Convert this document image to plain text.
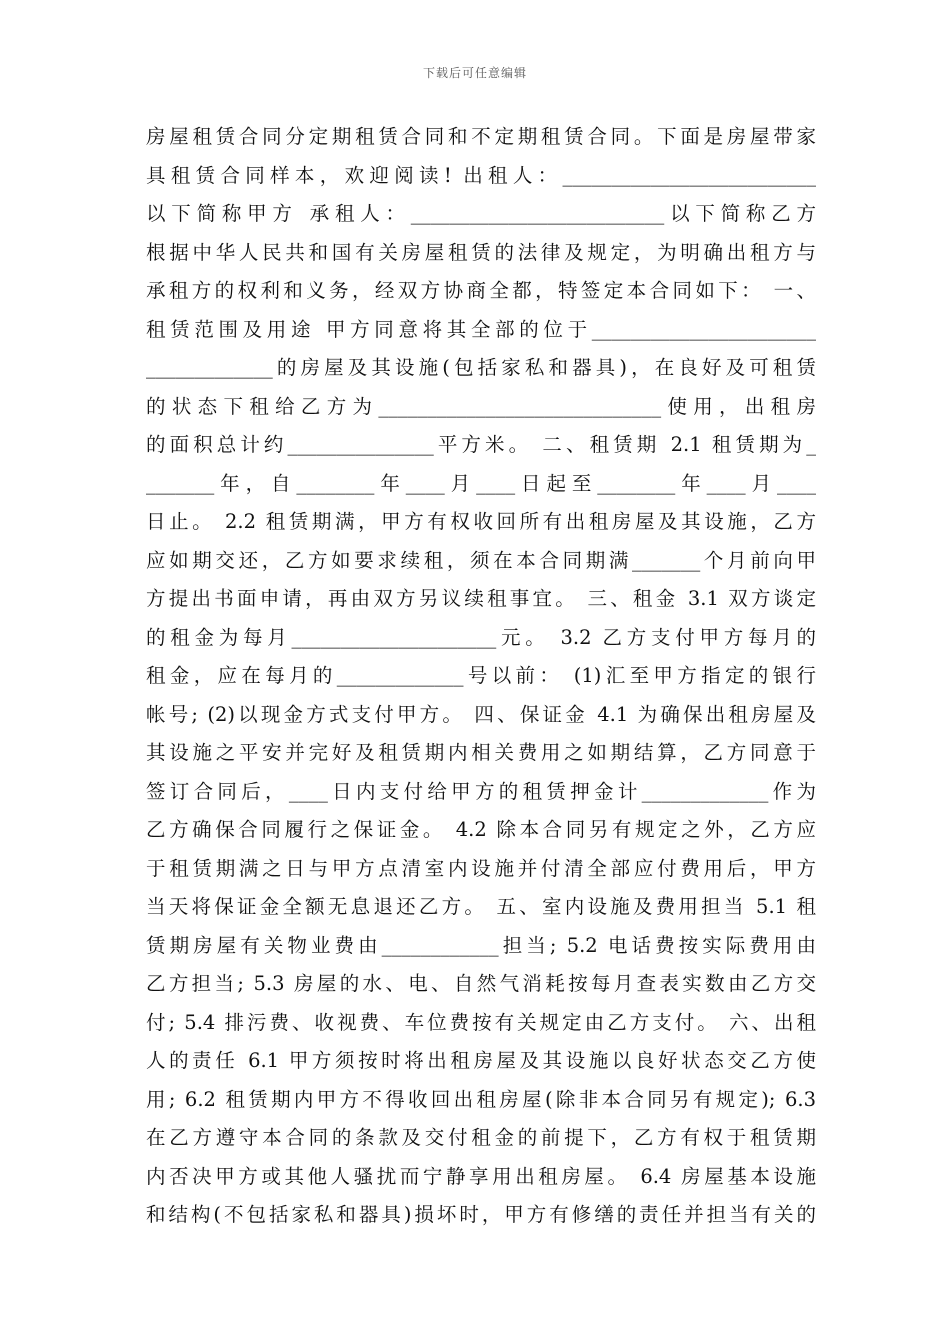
下载后可任意编辑
房屋租赁合同分定期租赁合同和不定期租赁合同。下面是房屋带家
具租赁合同样本，欢迎阅读! 出租人：__________________________
以下简称甲方 承租人：__________________________以下简称乙方
根据中华人民共和国有关房屋租赁的法律及规定，为明确出租方与
承租方的权利和义务，经双方协商全都，特签定本合同如下： 一、
租赁范围及用途 甲方同意将其全部的位于_______________________
_____________的房屋及其设施(包括家私和器具)，在良好及可租赁
的状态下租给乙方为_____________________________使用，出租房
的面积总计约_______________平方米。 二、租赁期 2.1 租赁期为_
_______年，自________年____月____日起至________年____月____
日止。 2.2 租赁期满，甲方有权收回所有出租房屋及其设施，乙方
应如期交还，乙方如要求续租，须在本合同期满_______个月前向甲
方提出书面申请，再由双方另议续租事宜。 三、租金 3.1 双方谈定
的租金为每月_____________________元。 3.2 乙方支付甲方每月的
租金，应在每月的_____________号以前： (1)汇至甲方指定的银行
帐号; (2)以现金方式支付甲方。 四、保证金 4.1 为确保出租房屋及
其设施之平安并完好及租赁期内相关费用之如期结算，乙方同意于
签订合同后，____日内支付给甲方的租赁押金计_____________作为
乙方确保合同履行之保证金。 4.2 除本合同另有规定之外，乙方应
于租赁期满之日与甲方点清室内设施并付清全部应付费用后，甲方
当天将保证金全额无息退还乙方。 五、室内设施及费用担当 5.1 租
赁期房屋有关物业费由____________担当; 5.2 电话费按实际费用由
乙方担当; 5.3 房屋的水、电、自然气消耗按每月查表实数由乙方交
付; 5.4 排污费、收视费、车位费按有关规定由乙方支付。 六、出租
人的责任 6.1 甲方须按时将出租房屋及其设施以良好状态交乙方使
用; 6.2 租赁期内甲方不得收回出租房屋(除非本合同另有规定); 6.3
在乙方遵守本合同的条款及交付租金的前提下，乙方有权于租赁期
内否决甲方或其他人骚扰而宁静享用出租房屋。 6.4 房屋基本设施
和结构(不包括家私和器具)损坏时，甲方有修缮的责任并担当有关的
